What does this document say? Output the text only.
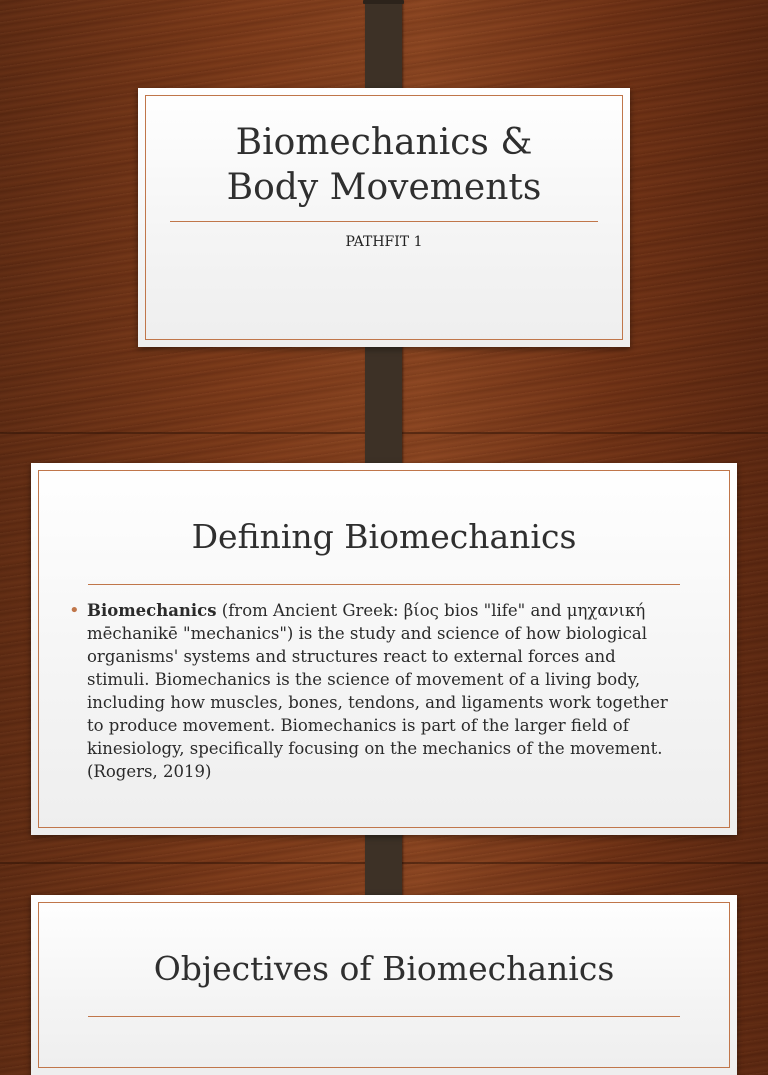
Biomechanics &
Body Movements
PATHFIT 1
Defining Biomechanics
• Biomechanics (from Ancient Greek: βίος bios "life" and μηχανική mēchanikē "mechanics") is the study and science of how biological organisms' systems and structures react to external forces and stimuli. Biomechanics is the science of movement of a living body, including how muscles, bones, tendons, and ligaments work together to produce movement. Biomechanics is part of the larger field of kinesiology, specifically focusing on the mechanics of the movement. (Rogers, 2019)
Objectives of Biomechanics
